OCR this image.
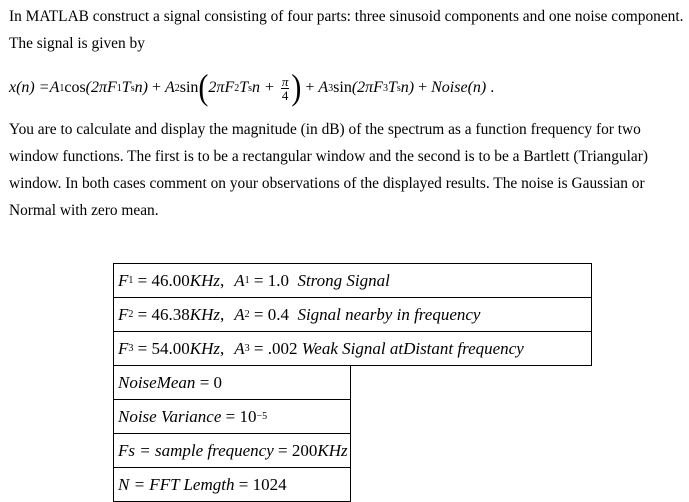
In MATLAB construct a signal consisting of four parts: three sinusoid components and one noise component. The signal is given by

x(n) = A 1 cos (2πF 1 T s n) + A 2 sin ( 2πF 2 T s $n + \frac{\pi}{4}$ ) + A 3 sin (2πF 3 T s n) + Noise (n) .

You are to calculate and display the magnitude (in dB) of the spectrum as a function frequency for two window functions. The first is to be a rectangular window and the second is to be a Bartlett (Triangular) window. In both cases comment on your observations of the displayed results. The noise is Gaussian or Normal with zero mean.

F 1 = 46.00 KHz , A 1 = 1.0 Strong Signal
F 2 = 46.38 KHz , A 2 = 0.4 Signal nearby in frequency
F 3 = 54.00 KHz , A 3 = .002 Weak Signal atDistant frequency
NoiseMean = 0
Noise Variance = 10 −5
Fs = sample frequency = 200 KHz
N = FFT Lemgth = 1024
